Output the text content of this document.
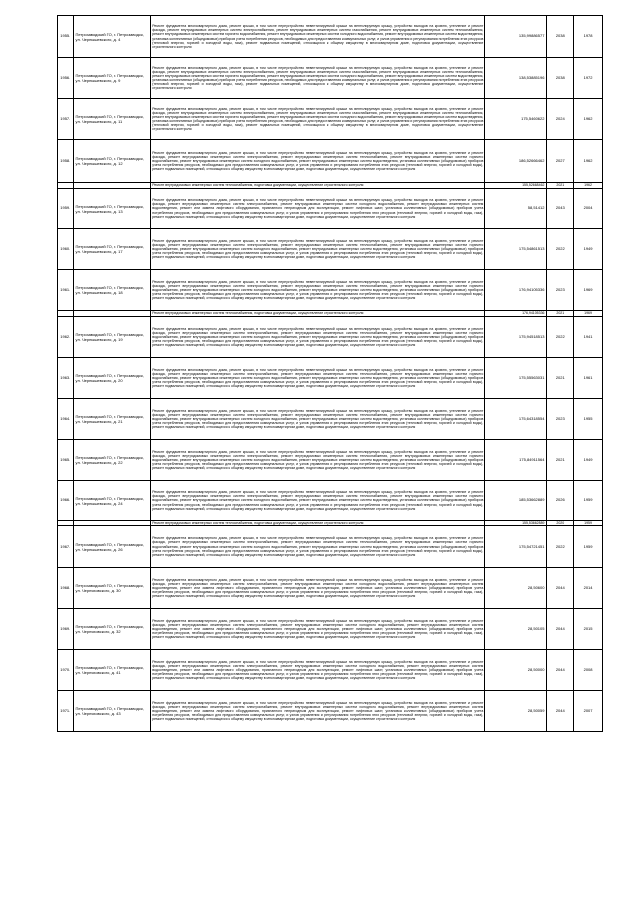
1955.	Петрозаводский ГО, г. Петрозаводск, ул. Чернышевского, д. 4	Ремонт фундамента многоквартирного дома, ремонт крыши, в том числе переустройство невентилируемой крыши на вентилируемую крышу, устройство выходов на кровлю, утепление и ремонт фасада, ремонт внутридомовых инженерных систем электроснабжения, ремонт внутридомовых инженерных систем газоснабжения, ремонт внутридомовых инженерных систем теплоснабжения, ремонт внутридомовых инженерных систем горячего водоснабжения, ремонт внутридомовых инженерных систем холодного водоснабжения, ремонт внутридомовых инженерных систем водоотведения, установка коллективных (общедомовых) приборов учета потребления ресурсов, необходимых для предоставления коммунальных услуг, и узлов управления и регулирования потребления этих ресурсов (тепловой энергии, горячей и холодной воды, газа), ремонт подвальных помещений, относящихся к общему имуществу в многоквартирном доме, подготовка документации, осуществление строительного контроля	135,99886577	2038	1978
1956.	Петрозаводский ГО, г. Петрозаводск, ул. Чернышевского, д. 9	Ремонт фундамента многоквартирного дома, ремонт крыши, в том числе переустройство невентилируемой крыши на вентилируемую крышу, устройство выходов на кровлю, утепление и ремонт фасада, ремонт внутридомовых инженерных систем электроснабжения, ремонт внутридомовых инженерных систем газоснабжения, ремонт внутридомовых инженерных систем теплоснабжения, ремонт внутридомовых инженерных систем горячего водоснабжения, ремонт внутридомовых инженерных систем холодного водоснабжения, ремонт внутридомовых инженерных систем водоотведения, установка коллективных (общедомовых) приборов учета потребления ресурсов, необходимых для предоставления коммунальных услуг, и узлов управления и регулирования потребления этих ресурсов (тепловой энергии, горячей и холодной воды, газа), ремонт подвальных помещений, относящихся к общему имуществу в многоквартирном доме, подготовка документации, осуществление строительного контроля	138,53885196	2038	1972
1957.	Петрозаводский ГО, г. Петрозаводск, ул. Чернышевского, д. 11	Ремонт фундамента многоквартирного дома, ремонт крыши, в том числе переустройство невентилируемой крыши на вентилируемую крышу, устройство выходов на кровлю, утепление и ремонт фасада, ремонт внутридомовых инженерных систем электроснабжения, ремонт внутридомовых инженерных систем газоснабжения, ремонт внутридомовых инженерных систем теплоснабжения, ремонт внутридомовых инженерных систем горячего водоснабжения, ремонт внутридомовых инженерных систем холодного водоснабжения, ремонт внутридомовых инженерных систем водоотведения, установка коллективных (общедомовых) приборов учета потребления ресурсов, необходимых для предоставления коммунальных услуг, и узлов управления и регулирования потребления этих ресурсов (тепловой энергии, горячей и холодной воды, газа), ремонт подвальных помещений, относящихся к общему имуществу в многоквартирном доме, подготовка документации, осуществление строительного контроля	175,5460622	2024	1962
1958.	Петрозаводский ГО, г. Петрозаводск, ул. Чернышевского, д. 12	Ремонт фундамента многоквартирного дома, ремонт крыши, в том числе переустройство невентилируемой крыши на вентилируемую крышу, устройство выходов на кровлю, утепление и ремонт фасада, ремонт внутридомовых инженерных систем электроснабжения, ремонт внутридомовых инженерных систем теплоснабжения, ремонт внутридомовых инженерных систем горячего водоснабжения, ремонт внутридомовых инженерных систем холодного водоснабжения, ремонт внутридомовых инженерных систем водоотведения, установка коллективных (общедомовых) приборов учета потребления ресурсов, необходимых для предоставления коммунальных услуг, и узлов управления и регулирования потребления этих ресурсов (тепловой энергии, горячей и холодной воды), ремонт подвальных помещений, относящихся к общему имуществу в многоквартирном доме, подготовка документации, осуществление строительного контроля	186,52666462	2027	1962
		Ремонт внутридомовых инженерных систем теплоснабжения, подготовка документации, осуществление строительного контроля	155,52668462	2021	1962
1959.	Петрозаводский ГО, г. Петрозаводск, ул. Чернышевского, д. 13	Ремонт фундамента многоквартирного дома, ремонт крыши, в том числе переустройство невентилируемой крыши на вентилируемую крышу, устройство выходов на кровлю, утепление и ремонт фасада, ремонт внутридомовых инженерных систем электроснабжения, ремонт внутридомовых инженерных систем холодного водоснабжения, ремонт внутридомовых инженерных систем водоотведения, ремонт или замена лифтового оборудования, признанного непригодным для эксплуатации, ремонт лифтовых шахт, установка коллективных (общедомовых) приборов учета потребления ресурсов, необходимых для предоставления коммунальных услуг, и узлов управления и регулирования потребления этих ресурсов (тепловой энергии, горячей и холодной воды, газа), ремонт подвальных помещений, относящихся к общему имуществу в многоквартирном доме, подготовка документации, осуществление строительного контроля	58,51412	2043	2004
1960.	Петрозаводский ГО, г. Петрозаводск, ул. Чернышевского, д. 17	Ремонт фундамента многоквартирного дома, ремонт крыши, в том числе переустройство невентилируемой крыши на вентилируемую крышу, устройство выходов на кровлю, утепление и ремонт фасада, ремонт внутридомовых инженерных систем электроснабжения, ремонт внутридомовых инженерных систем теплоснабжения, ремонт внутридомовых инженерных систем горячего водоснабжения, ремонт внутридомовых инженерных систем холодного водоснабжения, ремонт внутридомовых инженерных систем водоотведения, установка коллективных (общедомовых) приборов учета потребления ресурсов, необходимых для предоставления коммунальных услуг, и узлов управления и регулирования потребления этих ресурсов (тепловой энергии, горячей и холодной воды), ремонт подвальных помещений, относящихся к общему имуществу в многоквартирном доме, подготовка документации, осуществление строительного контроля	175,54861513	2022	1949
1961.	Петрозаводский ГО, г. Петрозаводск, ул. Чернышевского, д. 18	Ремонт фундамента многоквартирного дома, ремонт крыши, в том числе переустройство невентилируемой крыши на вентилируемую крышу, устройство выходов на кровлю, утепление и ремонт фасада, ремонт внутридомовых инженерных систем электроснабжения, ремонт внутридомовых инженерных систем теплоснабжения, ремонт внутридомовых инженерных систем горячего водоснабжения, ремонт внутридомовых инженерных систем холодного водоснабжения, ремонт внутридомовых инженерных систем водоотведения, установка коллективных (общедомовых) приборов учета потребления ресурсов, необходимых для предоставления коммунальных услуг, и узлов управления и регулирования потребления этих ресурсов (тепловой энергии, горячей и холодной воды), ремонт подвальных помещений, относящихся к общему имуществу в многоквартирном доме, подготовка документации, осуществление строительного контроля	176,94105336	2023	1969
		Ремонт внутридомовых инженерных систем теплоснабжения, подготовка документации, осуществление строительного контроля	176,94105336	2021	1969
1962.	Петрозаводский ГО, г. Петрозаводск, ул. Чернышевского, д. 19	Ремонт фундамента многоквартирного дома, ремонт крыши, в том числе переустройство невентилируемой крыши на вентилируемую крышу, устройство выходов на кровлю, утепление и ремонт фасада, ремонт внутридомовых инженерных систем электроснабжения, ремонт внутридомовых инженерных систем теплоснабжения, ремонт внутридомовых инженерных систем горячего водоснабжения, ремонт внутридомовых инженерных систем холодного водоснабжения, ремонт внутридомовых инженерных систем водоотведения, установка коллективных (общедомовых) приборов учета потребления ресурсов, необходимых для предоставления коммунальных услуг, и узлов управления и регулирования потребления этих ресурсов (тепловой энергии, горячей и холодной воды), ремонт подвальных помещений, относящихся к общему имуществу в многоквартирном доме, подготовка документации, осуществление строительного контроля	175,94518513	2022	1941
1963.	Петрозаводский ГО, г. Петрозаводск, ул. Чернышевского, д. 20	Ремонт фундамента многоквартирного дома, ремонт крыши, в том числе переустройство невентилируемой крыши на вентилируемую крышу, устройство выходов на кровлю, утепление и ремонт фасада, ремонт внутридомовых инженерных систем электроснабжения, ремонт внутридомовых инженерных систем теплоснабжения, ремонт внутридомовых инженерных систем горячего водоснабжения, ремонт внутридомовых инженерных систем холодного водоснабжения, ремонт внутридомовых инженерных систем водоотведения, установка коллективных (общедомовых) приборов учета потребления ресурсов, необходимых для предоставления коммунальных услуг, и узлов управления и регулирования потребления этих ресурсов (тепловой энергии, горячей и холодной воды), ремонт подвальных помещений, относящихся к общему имуществу в многоквартирном доме, подготовка документации, осуществление строительного контроля	175,55563031	2021	1961
1964.	Петрозаводский ГО, г. Петрозаводск, ул. Чернышевского, д. 21	Ремонт фундамента многоквартирного дома, ремонт крыши, в том числе переустройство невентилируемой крыши на вентилируемую крышу, устройство выходов на кровлю, утепление и ремонт фасада, ремонт внутридомовых инженерных систем электроснабжения, ремонт внутридомовых инженерных систем теплоснабжения, ремонт внутридомовых инженерных систем горячего водоснабжения, ремонт внутридомовых инженерных систем холодного водоснабжения, ремонт внутридомовых инженерных систем водоотведения, установка коллективных (общедомовых) приборов учета потребления ресурсов, необходимых для предоставления коммунальных услуг, и узлов управления и регулирования потребления этих ресурсов (тепловой энергии, горячей и холодной воды), ремонт подвальных помещений, относящихся к общему имуществу в многоквартирном доме, подготовка документации, осуществление строительного контроля	175,64318554	2023	1955
1965.	Петрозаводский ГО, г. Петрозаводск, ул. Чернышевского, д. 22	Ремонт фундамента многоквартирного дома, ремонт крыши, в том числе переустройство невентилируемой крыши на вентилируемую крышу, устройство выходов на кровлю, утепление и ремонт фасада, ремонт внутридомовых инженерных систем электроснабжения, ремонт внутридомовых инженерных систем теплоснабжения, ремонт внутридомовых инженерных систем горячего водоснабжения, ремонт внутридомовых инженерных систем холодного водоснабжения, ремонт внутридомовых инженерных систем водоотведения, установка коллективных (общедомовых) приборов учета потребления ресурсов, необходимых для предоставления коммунальных услуг, и узлов управления и регулирования потребления этих ресурсов (тепловой энергии, горячей и холодной воды), ремонт подвальных помещений, относящихся к общему имуществу в многоквартирном доме, подготовка документации, осуществление строительного контроля	175,84911564	2021	1949
1966.	Петрозаводский ГО, г. Петрозаводск, ул. Чернышевского, д. 24	Ремонт фундамента многоквартирного дома, ремонт крыши, в том числе переустройство невентилируемой крыши на вентилируемую крышу, устройство выходов на кровлю, утепление и ремонт фасада, ремонт внутридомовых инженерных систем электроснабжения, ремонт внутридомовых инженерных систем теплоснабжения, ремонт внутридомовых инженерных систем горячего водоснабжения, ремонт внутридомовых инженерных систем холодного водоснабжения, ремонт внутридомовых инженерных систем водоотведения, установка коллективных (общедомовых) приборов учета потребления ресурсов, необходимых для предоставления коммунальных услуг, и узлов управления и регулирования потребления этих ресурсов (тепловой энергии, горячей и холодной воды), ремонт подвальных помещений, относящихся к общему имуществу в многоквартирном доме, подготовка документации, осуществление строительного контроля	185,53662889	2026	1959
		Ремонт внутридомовых инженерных систем теплоснабжения, подготовка документации, осуществление строительного контроля	155,53662889	2020	1959
1967.	Петрозаводский ГО, г. Петрозаводск, ул. Чернышевского, д. 26	Ремонт фундамента многоквартирного дома, ремонт крыши, в том числе переустройство невентилируемой крыши на вентилируемую крышу, устройство выходов на кровлю, утепление и ремонт фасада, ремонт внутридомовых инженерных систем электроснабжения, ремонт внутридомовых инженерных систем теплоснабжения, ремонт внутридомовых инженерных систем горячего водоснабжения, ремонт внутридомовых инженерных систем холодного водоснабжения, ремонт внутридомовых инженерных систем водоотведения, установка коллективных (общедомовых) приборов учета потребления ресурсов, необходимых для предоставления коммунальных услуг, и узлов управления и регулирования потребления этих ресурсов (тепловой энергии, горячей и холодной воды), ремонт подвальных помещений, относящихся к общему имуществу в многоквартирном доме, подготовка документации, осуществление строительного контроля	175,54721451	2022	1959
1968.	Петрозаводский ГО, г. Петрозаводск, ул. Черняховского, д. 30	Ремонт фундамента многоквартирного дома, ремонт крыши, в том числе переустройство невентилируемой крыши на вентилируемую крышу, устройство выходов на кровлю, утепление и ремонт фасада, ремонт внутридомовых инженерных систем электроснабжения, ремонт внутридомовых инженерных систем холодного водоснабжения, ремонт внутридомовых инженерных систем водоотведения, ремонт или замена лифтового оборудования, признанного непригодным для эксплуатации, ремонт лифтовых шахт, установка коллективных (общедомовых) приборов учета потребления ресурсов, необходимых для предоставления коммунальных услуг, и узлов управления и регулирования потребления этих ресурсов (тепловой энергии, горячей и холодной воды, газа), ремонт подвальных помещений, относящихся к общему имуществу в многоквартирном доме, подготовка документации, осуществление строительного контроля	28,50600	2044	2014
1969.	Петрозаводский ГО, г. Петрозаводск, ул. Черняховского, д. 32	Ремонт фундамента многоквартирного дома, ремонт крыши, в том числе переустройство невентилируемой крыши на вентилируемую крышу, устройство выходов на кровлю, утепление и ремонт фасада, ремонт внутридомовых инженерных систем электроснабжения, ремонт внутридомовых инженерных систем холодного водоснабжения, ремонт внутридомовых инженерных систем водоотведения, ремонт или замена лифтового оборудования, признанного непригодным для эксплуатации, ремонт лифтовых шахт, установка коллективных (общедомовых) приборов учета потребления ресурсов, необходимых для предоставления коммунальных услуг, и узлов управления и регулирования потребления этих ресурсов (тепловой энергии, горячей и холодной воды, газа), ремонт подвальных помещений, относящихся к общему имуществу в многоквартирном доме, подготовка документации, осуществление строительного контроля	28,50105	2044	2015
1970.	Петрозаводский ГО, г. Петрозаводск, ул. Черняховского, д. 41	Ремонт фундамента многоквартирного дома, ремонт крыши, в том числе переустройство невентилируемой крыши на вентилируемую крышу, устройство выходов на кровлю, утепление и ремонт фасада, ремонт внутридомовых инженерных систем электроснабжения, ремонт внутридомовых инженерных систем холодного водоснабжения, ремонт внутридомовых инженерных систем водоотведения, ремонт или замена лифтового оборудования, признанного непригодным для эксплуатации, ремонт лифтовых шахт, установка коллективных (общедомовых) приборов учета потребления ресурсов, необходимых для предоставления коммунальных услуг, и узлов управления и регулирования потребления этих ресурсов (тепловой энергии, горячей и холодной воды, газа), ремонт подвальных помещений, относящихся к общему имуществу в многоквартирном доме, подготовка документации, осуществление строительного контроля	28,50000	2044	2008
1971.	Петрозаводский ГО, г. Петрозаводск, ул. Черняховского, д. 43	Ремонт фундамента многоквартирного дома, ремонт крыши, в том числе переустройство невентилируемой крыши на вентилируемую крышу, устройство выходов на кровлю, утепление и ремонт фасада, ремонт внутридомовых инженерных систем электроснабжения, ремонт внутридомовых инженерных систем холодного водоснабжения, ремонт внутридомовых инженерных систем водоотведения, ремонт или замена лифтового оборудования, признанного непригодным для эксплуатации, ремонт лифтовых шахт, установка коллективных (общедомовых) приборов учета потребления ресурсов, необходимых для предоставления коммунальных услуг, и узлов управления и регулирования потребления этих ресурсов (тепловой энергии, горячей и холодной воды, газа), ремонт подвальных помещений, относящихся к общему имуществу в многоквартирном доме, подготовка документации, осуществление строительного контроля	28,50059	2044	2007
